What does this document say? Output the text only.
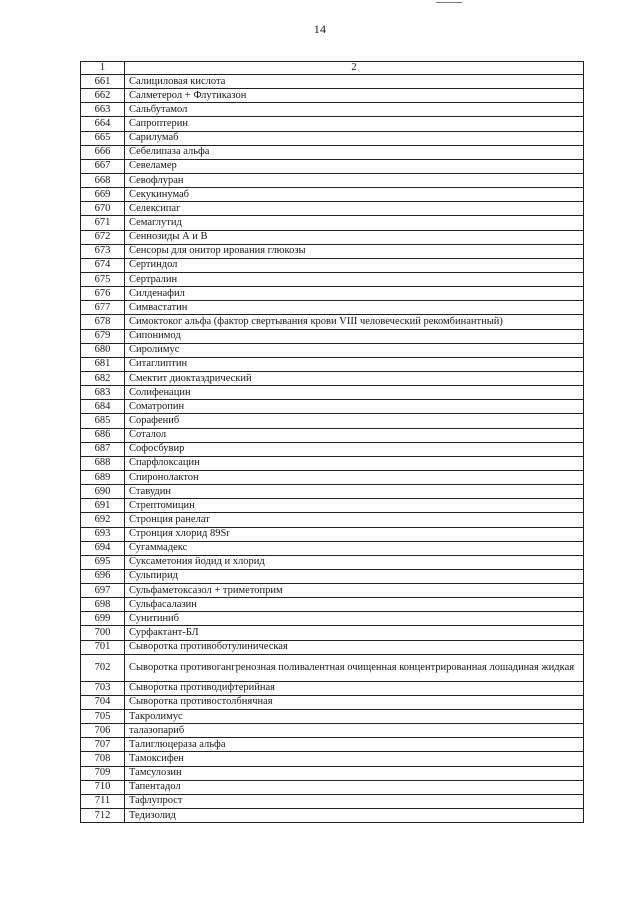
14
1	2
661	Салициловая кислота
662	Салметерол + Флутиказон
663	Сальбутамол
664	Сапроптерин
665	Сарилумаб
666	Себелипаза альфа
667	Севеламер
668	Севофлуран
669	Секукинумаб
670	Селексипаг
671	Семаглутид
672	Сеннозиды А и В
673	Сенсоры для онитор ирования глюкозы
674	Сертиндол
675	Сертралин
676	Силденафил
677	Симвастатин
678	Симоктоког альфа (фактор свертывания крови VIII человеческий рекомбинантный)
679	Сипонимод
680	Сиролимус
681	Ситаглиптин
682	Смектит диоктаэдрический
683	Солифенацин
684	Соматропин
685	Сорафениб
686	Соталол
687	Софосбувир
688	Спарфлоксацин
689	Спиронолактон
690	Ставудин
691	Стрептомицин
692	Стронция ранелат
693	Стронция хлорид 89Sr
694	Сугаммадекс
695	Суксаметония йодид и хлорид
696	Сульпирид
697	Сульфаметоксазол + триметоприм
698	Сульфасалазин
699	Сунитиниб
700	Сурфактант-БЛ
701	Сыворотка противоботулиническая
702	Сыворотка противогангренозная поливалентная очищенная концентрированная лошадиная жидкая
703	Сыворотка противодифтерийная
704	Сыворотка противостолбнячная
705	Такролимус
706	талазопариб
707	Талиглюцераза альфа
708	Тамоксифен
709	Тамсулозин
710	Тапентадол
711	Тафлупрост
712	Тедизолид
